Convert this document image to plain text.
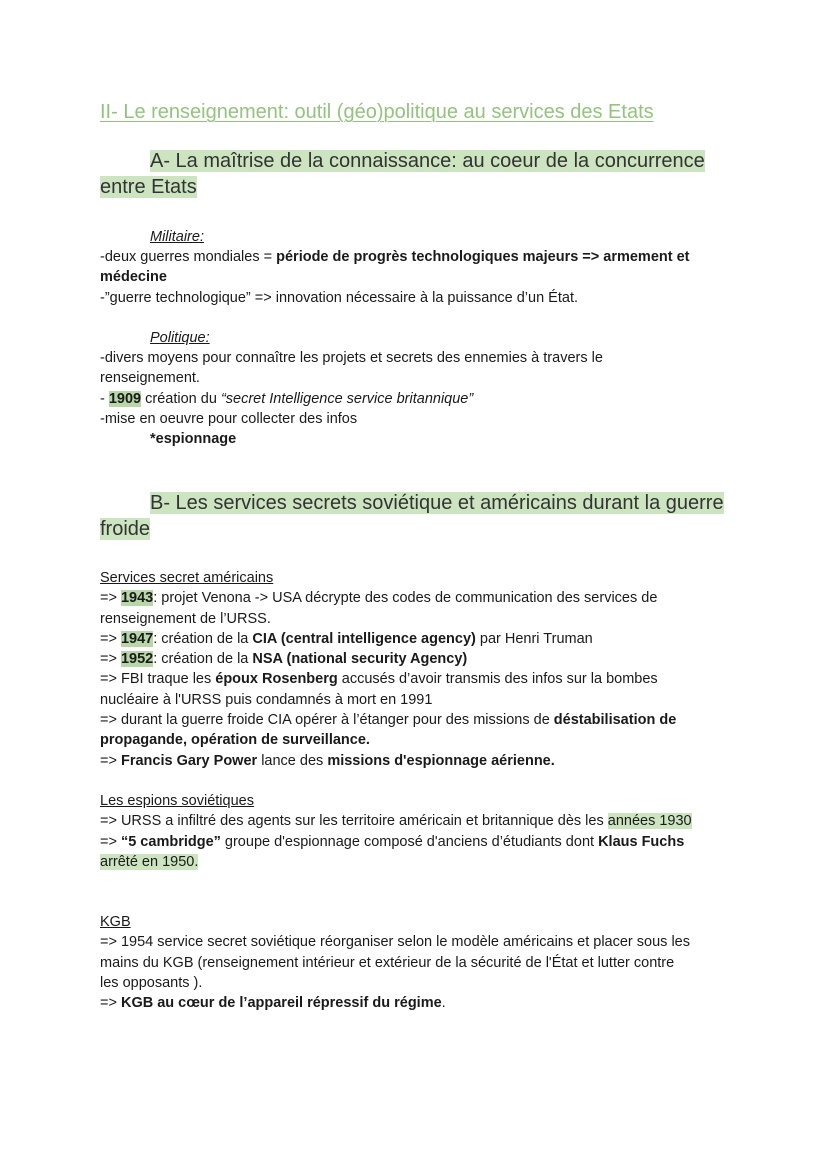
II- Le renseignement: outil (géo)politique au services des Etats
A- La maîtrise de la connaissance: au coeur de la concurrence
entre Etats
Militaire:
-deux guerres mondiales = période de progrès technologiques majeurs => armement et
médecine
-”guerre technologique” => innovation nécessaire à la puissance d’un État.
Politique:
-divers moyens pour connaître les projets et secrets des ennemies à travers le
renseignement.
- 1909 création du “secret Intelligence service britannique”
-mise en oeuvre pour collecter des infos
*espionnage
B- Les services secrets soviétique et américains durant la guerre
froide
Services secret américains
=> 1943: projet Venona -> USA décrypte des codes de communication des services de
renseignement de l’URSS.
=> 1947: création de la CIA (central intelligence agency) par Henri Truman
=> 1952: création de la NSA (national security Agency)
=> FBI traque les époux Rosenberg accusés d’avoir transmis des infos sur la bombes
nucléaire à l'URSS puis condamnés à mort en 1991
=> durant la guerre froide CIA opérer à l’étanger pour des missions de déstabilisation de
propagande, opération de surveillance.
=> Francis Gary Power lance des missions d'espionnage aérienne.
Les espions soviétiques
=> URSS a infiltré des agents sur les territoire américain et britannique dès les années 1930
=> “5 cambridge” groupe d'espionnage composé d'anciens d’étudiants dont Klaus Fuchs
arrêté en 1950.
KGB
=> 1954 service secret soviétique réorganiser selon le modèle américains et placer sous les
mains du KGB (renseignement intérieur et extérieur de la sécurité de l'État et lutter contre
les opposants ).
=> KGB au cœur de l’appareil répressif du régime.
